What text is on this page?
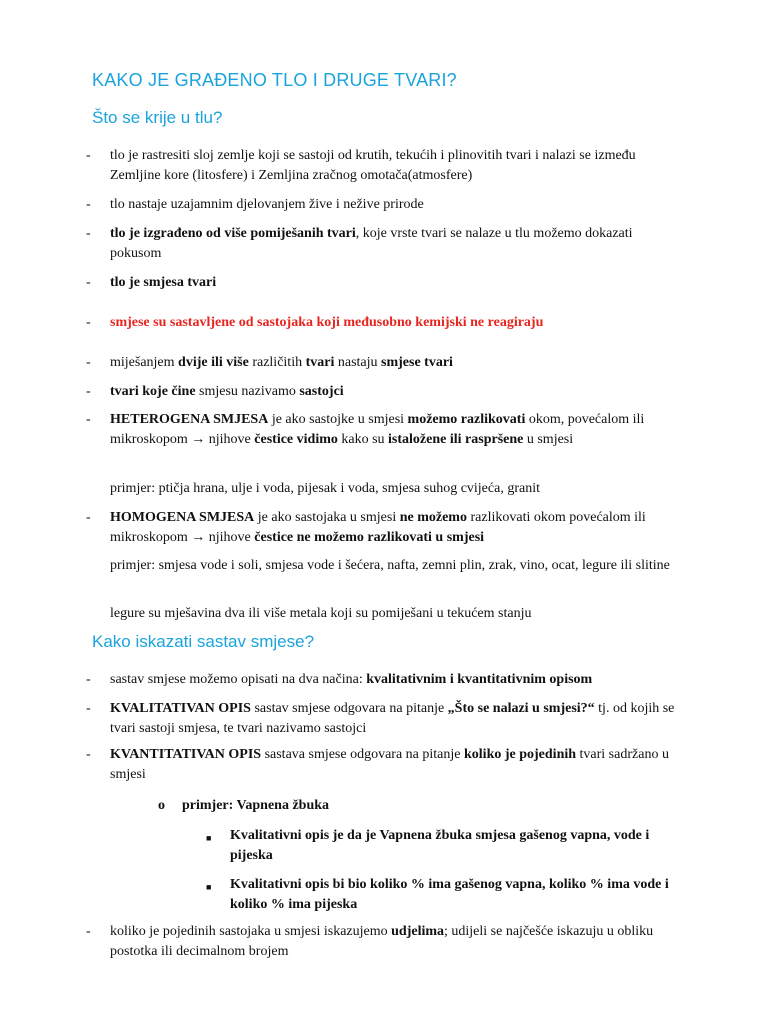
KAKO JE GRAĐENO TLO I DRUGE TVARI?
Što se krije u tlu?
-	tlo je rastresiti sloj zemlje koji se sastoji od krutih, tekućih i plinovitih tvari i nalazi se između Zemljine kore (litosfere) i Zemljina zračnog omotača(atmosfere)
-	tlo nastaje uzajamnim djelovanjem žive i nežive prirode
-	tlo je izgrađeno od više pomiješanih tvari, koje vrste tvari se nalaze u tlu možemo dokazati pokusom
-	tlo je smjesa tvari
-	smjese su sastavljene od sastojaka koji međusobno kemijski ne reagiraju
-	miješanjem dvije ili više različitih tvari nastaju smjese tvari
-	tvari koje čine smjesu nazivamo sastojci
-	HETEROGENA SMJESA je ako sastojke u smjesi možemo razlikovati okom, povećalom ili mikroskopom → njihove čestice vidimo kako su istaložene ili raspršene u smjesi
primjer: ptičja hrana, ulje i voda, pijesak i voda, smjesa suhog cvijeća, granit
-	HOMOGENA SMJESA je ako sastojaka u smjesi ne možemo razlikovati okom povećalom ili mikroskopom → njihove čestice ne možemo razlikovati u smjesi
primjer: smjesa vode i soli, smjesa vode i šećera, nafta, zemni plin, zrak, vino, ocat, legure ili slitine
legure su mješavina dva ili više metala koji su pomiješani u tekućem stanju
Kako iskazati sastav smjese?
-	sastav smjese možemo opisati na dva načina: kvalitativnim i kvantitativnim opisom
-	KVALITATIVAN OPIS sastav smjese odgovara na pitanje „Što se nalazi u smjesi?“ tj. od kojih se tvari sastoji smjesa, te tvari nazivamo sastojci
-	KVANTITATIVAN OPIS sastava smjese odgovara na pitanje koliko je pojedinih tvari sadržano u smjesi
o primjer: Vapnena žbuka
■ Kvalitativni opis je da je Vapnena žbuka smjesa gašenog vapna, vode i pijeska
■ Kvalitativni opis bi bio koliko % ima gašenog vapna, koliko % ima vode i koliko % ima pijeska
-	koliko je pojedinih sastojaka u smjesi iskazujemo udjelima; udijeli se najčešće iskazuju u obliku postotka ili decimalnom brojem
